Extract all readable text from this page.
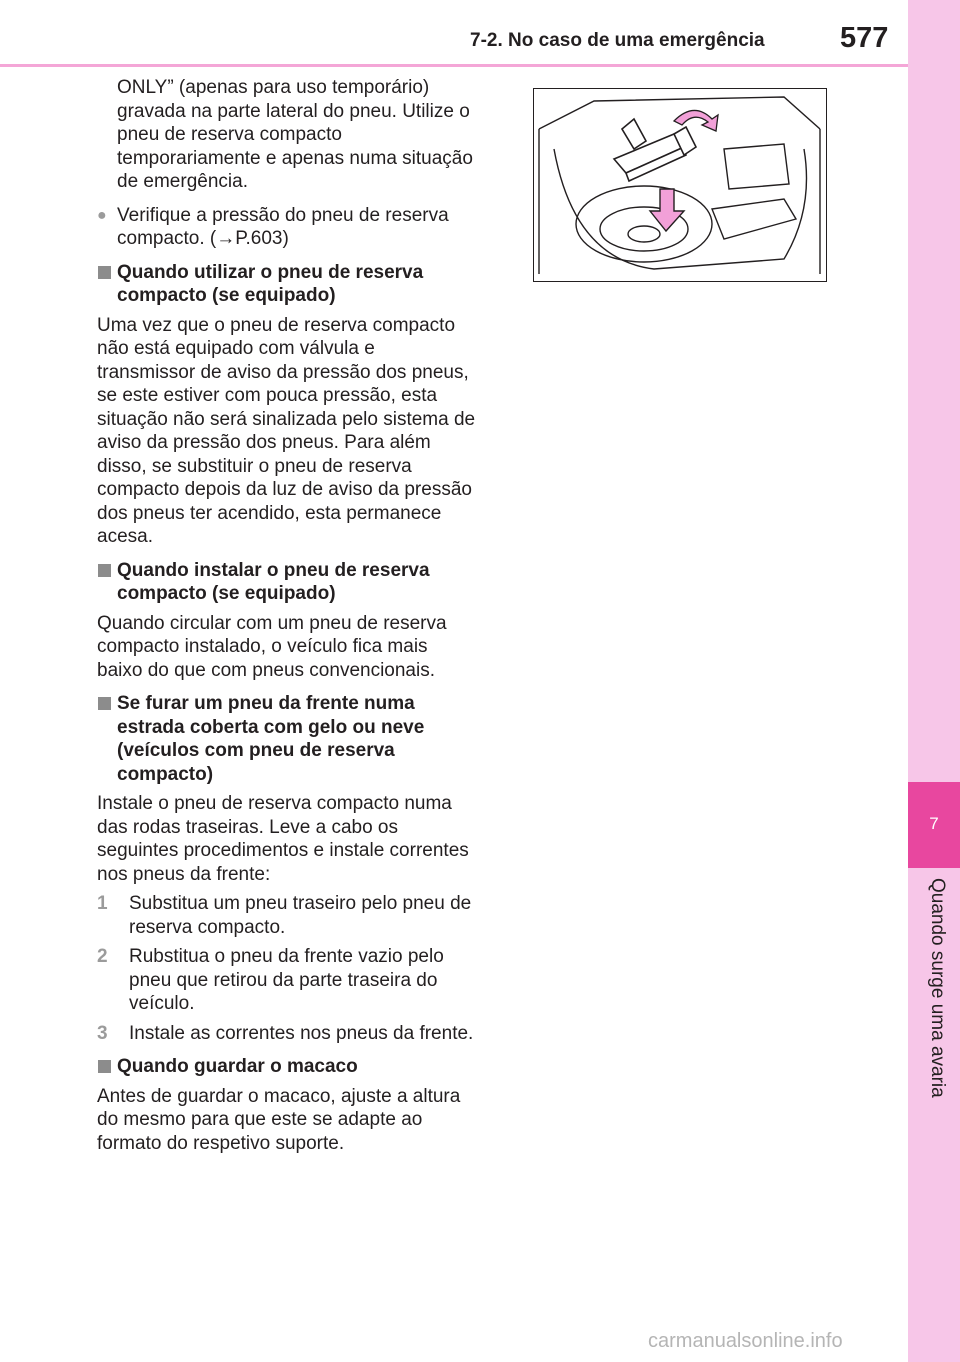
7-2. No caso de uma emergência	577
7
Quando surge uma avaria
ONLY” (apenas para uso temporário) gravada na parte lateral do pneu. Utilize o pneu de reserva compacto temporariamente e apenas numa situação de emergência.
● Verifique a pressão do pneu de reserva compacto. (→P.603)
Quando utilizar o pneu de reserva compacto (se equipado)
Uma vez que o pneu de reserva compacto não está equipado com válvula e transmissor de aviso da pressão dos pneus, se este estiver com pouca pressão, esta situação não será sinalizada pelo sistema de aviso da pressão dos pneus. Para além disso, se substituir o pneu de reserva compacto depois da luz de aviso da pressão dos pneus ter acendido, esta permanece acesa.
Quando instalar o pneu de reserva compacto (se equipado)
Quando circular com um pneu de reserva compacto instalado, o veículo fica mais baixo do que com pneus convencionais.
Se furar um pneu da frente numa estrada coberta com gelo ou neve (veículos com pneu de reserva compacto)
Instale o pneu de reserva compacto numa das rodas traseiras. Leve a cabo os seguintes procedimentos e instale correntes nos pneus da frente:
1	Substitua um pneu traseiro pelo pneu de reserva compacto.
2	Rubstitua o pneu da frente vazio pelo pneu que retirou da parte traseira do veículo.
3	Instale as correntes nos pneus da frente.
Quando guardar o macaco
Antes de guardar o macaco, ajuste a altura do mesmo para que este se adapte ao formato do respetivo suporte.
carmanualsonline.info
